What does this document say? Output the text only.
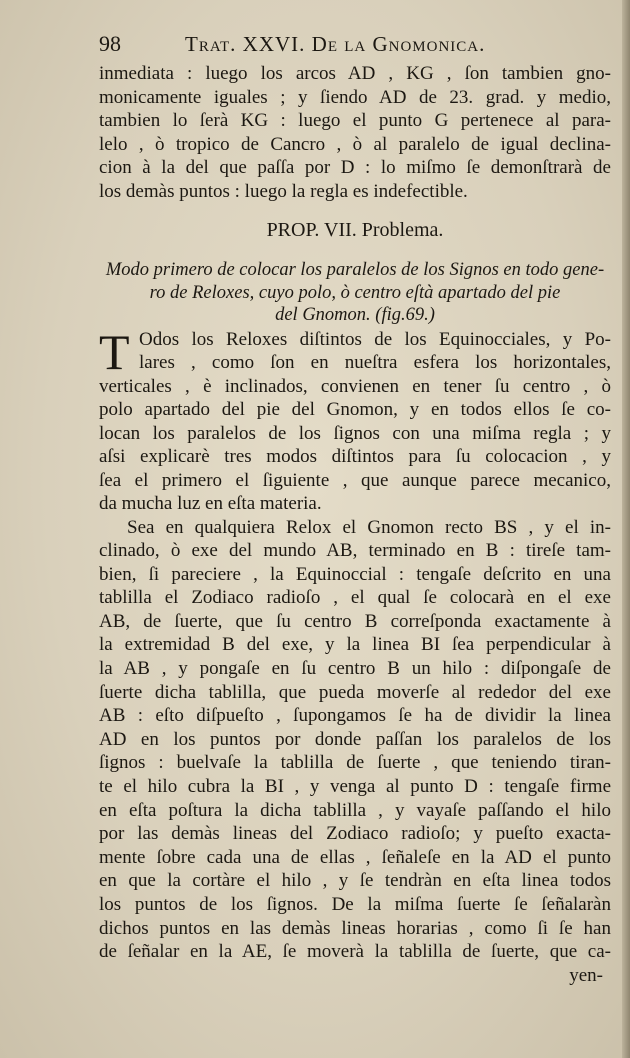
98	Trat. XXVI. De la Gnomonica.
inmediata : luego los arcos AD , KG , ſon tambien gno-
monicamente iguales ; y ſiendo AD de 23. grad. y medio,
tambien lo ſerà KG : luego el punto G pertenece al para-
lelo , ò tropico de Cancro , ò al paralelo de igual declina-
cion à la del que paſſa por D : lo miſmo ſe demonſtrarà de
los demàs puntos : luego la regla es indefectible.
PROP. VII. Problema.
Modo primero de colocar los paralelos de los Signos en todo gene-
ro de Reloxes, cuyo polo, ò centro eſtà apartado del pie
del Gnomon. (fig.69.)
T Odos los Reloxes diſtintos de los Equinocciales, y Po-
lares , como ſon en nueſtra esfera los horizontales,
verticales , è inclinados, convienen en tener ſu centro , ò
polo apartado del pie del Gnomon, y en todos ellos ſe co-
locan los paralelos de los ſignos con una miſma regla ; y
aſsi explicarè tres modos diſtintos para ſu colocacion , y
ſea el primero el ſiguiente , que aunque parece mecanico,
da mucha luz en eſta materia.
Sea en qualquiera Relox el Gnomon recto BS , y el in-
clinado, ò exe del mundo AB, terminado en B : tireſe tam-
bien, ſi pareciere , la Equinoccial : tengaſe deſcrito en una
tablilla el Zodiaco radioſo , el qual ſe colocarà en el exe
AB, de ſuerte, que ſu centro B correſponda exactamente à
la extremidad B del exe, y la linea BI ſea perpendicular à
la AB , y pongaſe en ſu centro B un hilo : diſpongaſe de
ſuerte dicha tablilla, que pueda moverſe al rededor del exe
AB : eſto diſpueſto , ſupongamos ſe ha de dividir la linea
AD en los puntos por donde paſſan los paralelos de los
ſignos : buelvaſe la tablilla de ſuerte , que teniendo tiran-
te el hilo cubra la BI , y venga al punto D : tengaſe firme
en eſta poſtura la dicha tablilla , y vayaſe paſſando el hilo
por las demàs lineas del Zodiaco radioſo; y pueſto exacta-
mente ſobre cada una de ellas , ſeñaleſe en la AD el punto
en que la cortàre el hilo , y ſe tendràn en eſta linea todos
los puntos de los ſignos. De la miſma ſuerte ſe ſeñalaràn
dichos puntos en las demàs lineas horarias , como ſi ſe han
de ſeñalar en la AE, ſe moverà la tablilla de ſuerte, que ca-
yen-
